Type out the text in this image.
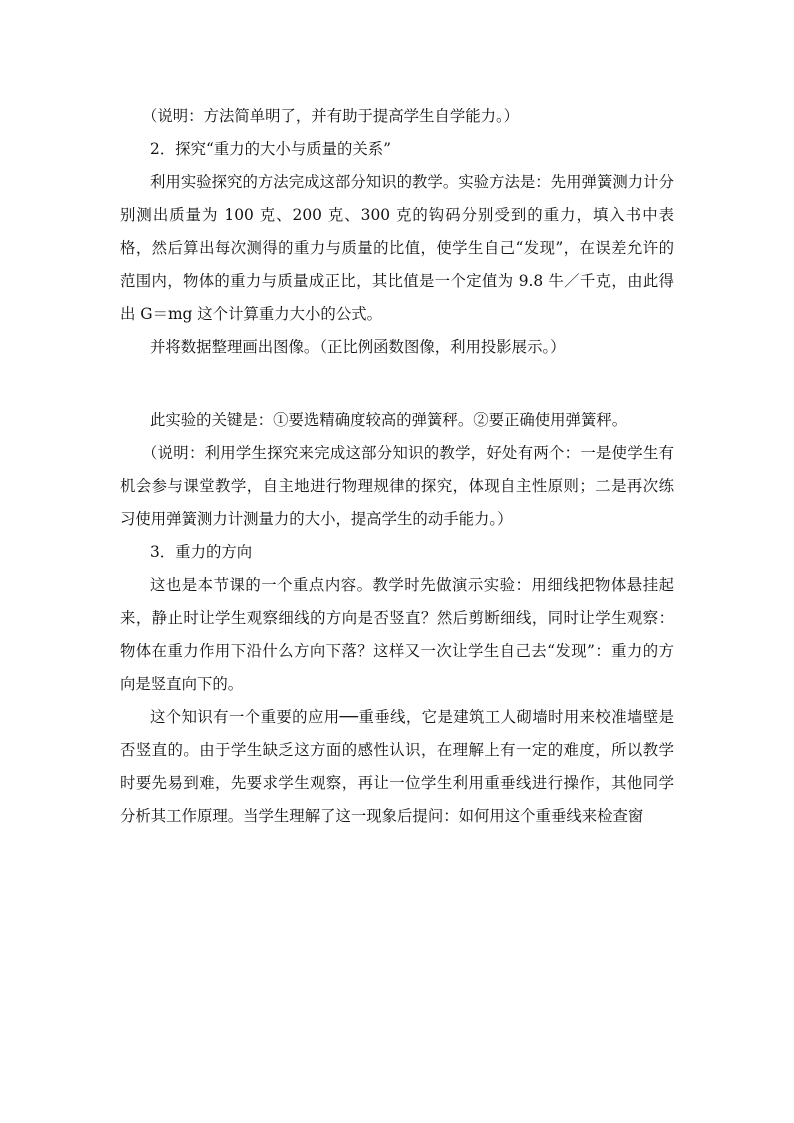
（说明：方法简单明了，并有助于提高学生自学能力。）

2．探究“重力的大小与质量的关系”

利用实验探究的方法完成这部分知识的教学。实验方法是：先用弹簧测力计分别测出质量为 100 克、200 克、300 克的钩码分别受到的重力，填入书中表格，然后算出每次测得的重力与质量的比值，使学生自己“发现”，在误差允许的范围内，物体的重力与质量成正比，其比值是一个定值为 9.8 牛／千克，由此得出 G＝mg 这个计算重力大小的公式。

并将数据整理画出图像。（正比例函数图像，利用投影展示。）

此实验的关键是：①要选精确度较高的弹簧秤。②要正确使用弹簧秤。

（说明：利用学生探究来完成这部分知识的教学，好处有两个：一是使学生有机会参与课堂教学，自主地进行物理规律的探究，体现自主性原则；二是再次练习使用弹簧测力计测量力的大小，提高学生的动手能力。）

3．重力的方向

这也是本节课的一个重点内容。教学时先做演示实验：用细线把物体悬挂起来，静止时让学生观察细线的方向是否竖直？然后剪断细线，同时让学生观察：物体在重力作用下沿什么方向下落？这样又一次让学生自己去“发现”：重力的方向是竖直向下的。

这个知识有一个重要的应用──重垂线，它是建筑工人砌墙时用来校准墙壁是否竖直的。由于学生缺乏这方面的感性认识，在理解上有一定的难度，所以教学时要先易到难，先要求学生观察，再让一位学生利用重垂线进行操作，其他同学分析其工作原理。当学生理解了这一现象后提问：如何用这个重垂线来检查窗
